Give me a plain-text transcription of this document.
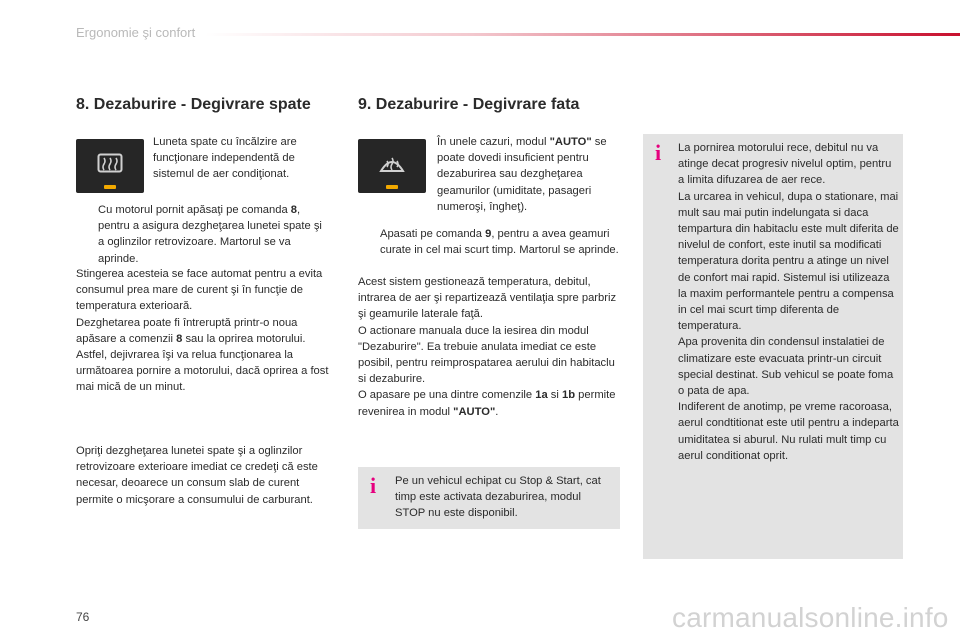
Ergonomie şi confort
8. Dezaburire - Degivrare spate
Luneta spate cu încălzire are funcţionare independentă de sistemul de aer condiţionat.
Cu motorul pornit apăsaţi pe comanda 8, pentru a asigura dezgheţarea lunetei spate şi a oglinzilor retrovizoare. Martorul se va aprinde.

Stingerea acesteia se face automat pentru a evita consumul prea mare de curent şi în funcţie de temperatura exterioară.

Dezghetarea poate fi întreruptă printr-o noua apăsare a comenzii 8 sau la oprirea motorului. Astfel, dejivrarea îşi va relua funcţionarea la următoarea pornire a motorului, dacă oprirea a fost mai mică de un minut.

Opriţi dezgheţarea lunetei spate şi a oglinzilor retrovizoare exterioare imediat ce credeţi că este necesar, deoarece un consum slab de curent permite o micşorare a consumului de carburant.
9. Dezaburire - Degivrare fata
În unele cazuri, modul "AUTO" se poate dovedi insuficient pentru dezaburirea sau dezgheţarea geamurilor (umiditate, pasageri numeroşi, îngheţ).
Apasati pe comanda 9, pentru a avea geamuri curate in cel mai scurt timp. Martorul se aprinde.

Acest sistem gestionează temperatura, debitul, intrarea de aer şi repartizează ventilaţia spre parbriz şi geamurile laterale faţă.

O actionare manuala duce la iesirea din modul "Dezaburire". Ea trebuie anulata imediat ce este posibil, pentru reimprospatarea aerului din habitaclu si dezaburire.

O apasare pe una dintre comenzile 1a si 1b permite revenirea in modul "AUTO".

i Pe un vehicul echipat cu Stop & Start, cat timp este activata dezaburirea, modul STOP nu este disponibil.
i La pornirea motorului rece, debitul nu va atinge decat progresiv nivelul optim, pentru a limita difuzarea de aer rece.

La urcarea in vehicul, dupa o stationare, mai mult sau mai putin indelungata si daca tempartura din habitaclu este mult diferita de nivelul de confort, este inutil sa modificati temperatura dorita pentru a atinge un nivel de confort mai rapid. Sistemul isi utilizeaza la maxim performantele pentru a compensa in cel mai scurt timp diferenta de temperatura.

Apa provenita din condensul instalatiei de climatizare este evacuata printr-un circuit special destinat. Sub vehicul se poate foma o pata de apa.

Indiferent de anotimp, pe vreme racoroasa, aerul condtitionat este util pentru a indeparta umiditatea si aburul. Nu rulati mult timp cu aerul conditionat oprit.

76	carmanualsonline.info
